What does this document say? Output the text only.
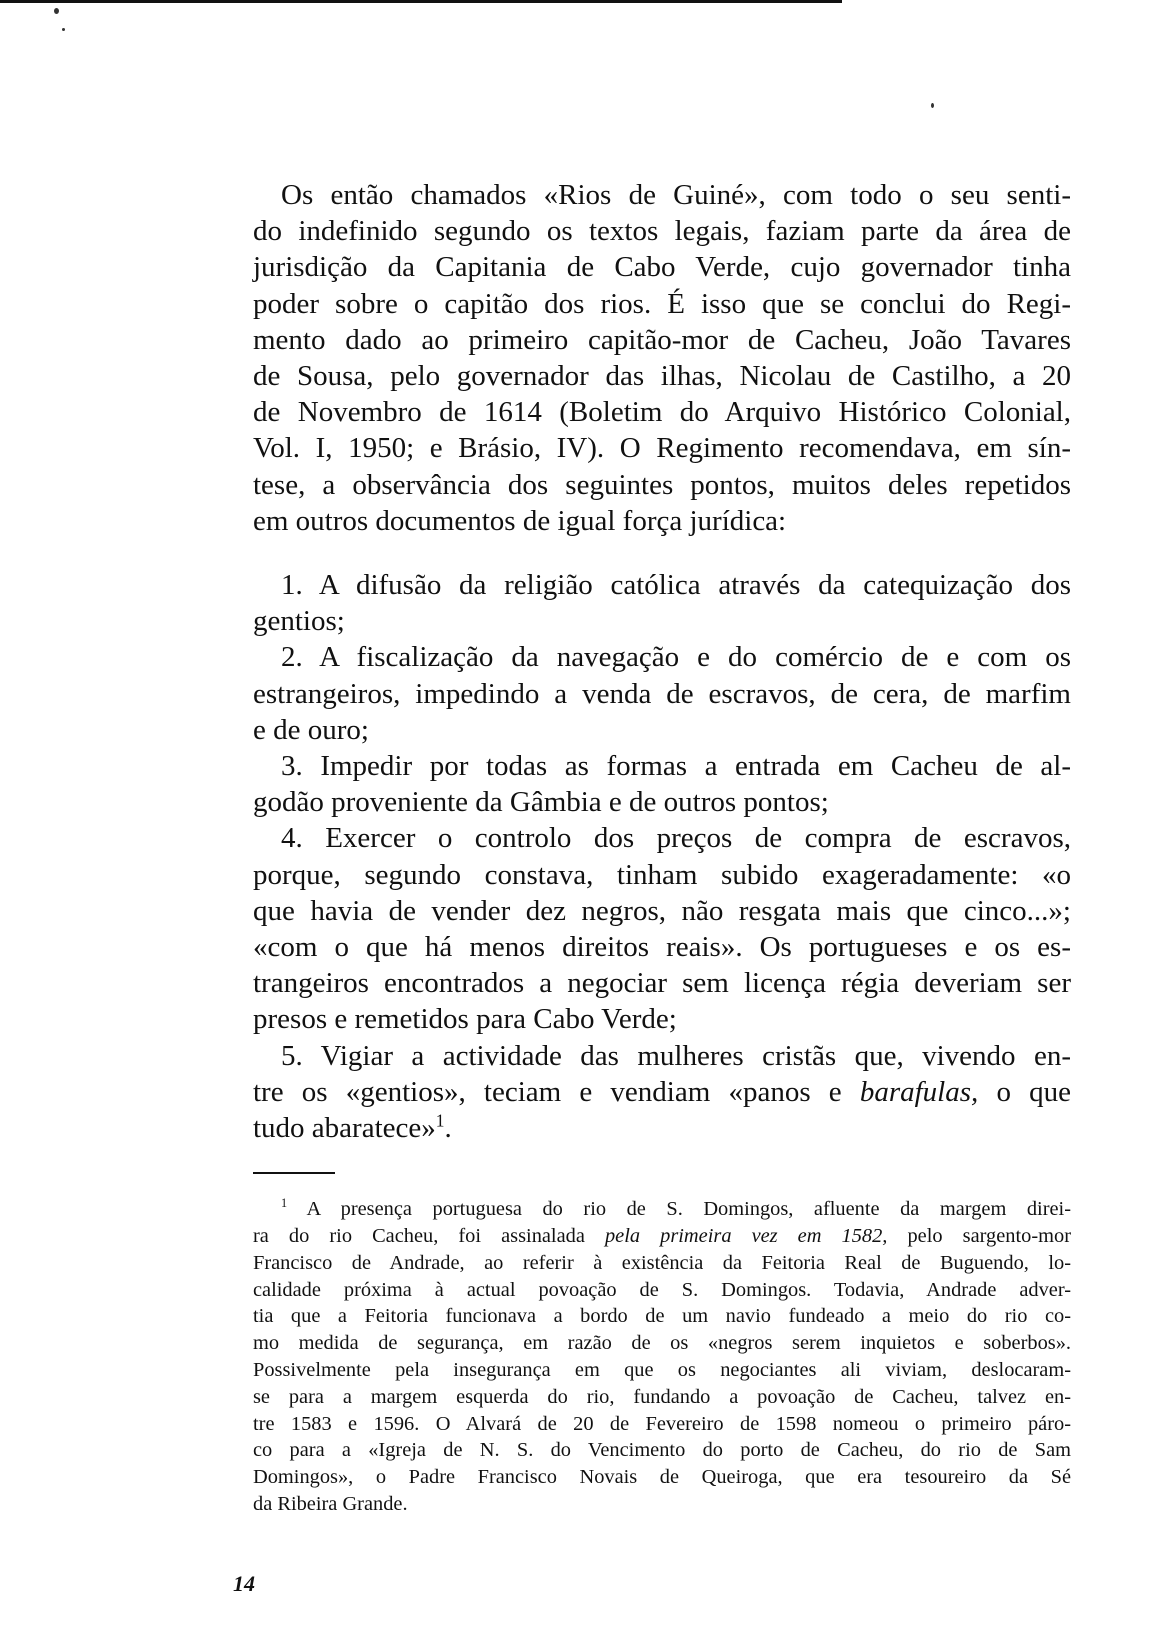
Os então chamados «Rios de Guiné», com todo o seu senti-
do indefinido segundo os textos legais, faziam parte da área de
jurisdição da Capitania de Cabo Verde, cujo governador tinha
poder sobre o capitão dos rios. É isso que se conclui do Regi-
mento dado ao primeiro capitão-mor de Cacheu, João Tavares
de Sousa, pelo governador das ilhas, Nicolau de Castilho, a 20
de Novembro de 1614 (Boletim do Arquivo Histórico Colonial,
Vol. I, 1950; e Brásio, IV). O Regimento recomendava, em sín-
tese, a observância dos seguintes pontos, muitos deles repetidos
em outros documentos de igual força jurídica:
1. A difusão da religião católica através da catequização dos
gentios;
2. A fiscalização da navegação e do comércio de e com os
estrangeiros, impedindo a venda de escravos, de cera, de marfim
e de ouro;
3. Impedir por todas as formas a entrada em Cacheu de al-
godão proveniente da Gâmbia e de outros pontos;
4. Exercer o controlo dos preços de compra de escravos,
porque, segundo constava, tinham subido exageradamente: «o
que havia de vender dez negros, não resgata mais que cinco...»;
«com o que há menos direitos reais». Os portugueses e os es-
trangeiros encontrados a negociar sem licença régia deveriam ser
presos e remetidos para Cabo Verde;
5. Vigiar a actividade das mulheres cristãs que, vivendo en-
tre os «gentios», teciam e vendiam «panos e barafulas, o que
tudo abaratece»$^1$.
$^1$ A presença portuguesa do rio de S. Domingos, afluente da margem direi-
ra do rio Cacheu, foi assinalada pela primeira vez em 1582, pelo sargento-mor
Francisco de Andrade, ao referir à existência da Feitoria Real de Buguendo, lo-
calidade próxima à actual povoação de S. Domingos. Todavia, Andrade adver-
tia que a Feitoria funcionava a bordo de um navio fundeado a meio do rio co-
mo medida de segurança, em razão de os «negros serem inquietos e soberbos».
Possivelmente pela insegurança em que os negociantes ali viviam, deslocaram-
se para a margem esquerda do rio, fundando a povoação de Cacheu, talvez en-
tre 1583 e 1596. O Alvará de 20 de Fevereiro de 1598 nomeou o primeiro páro-
co para a «Igreja de N. S. do Vencimento do porto de Cacheu, do rio de Sam
Domingos», o Padre Francisco Novais de Queiroga, que era tesoureiro da Sé
da Ribeira Grande.
14
